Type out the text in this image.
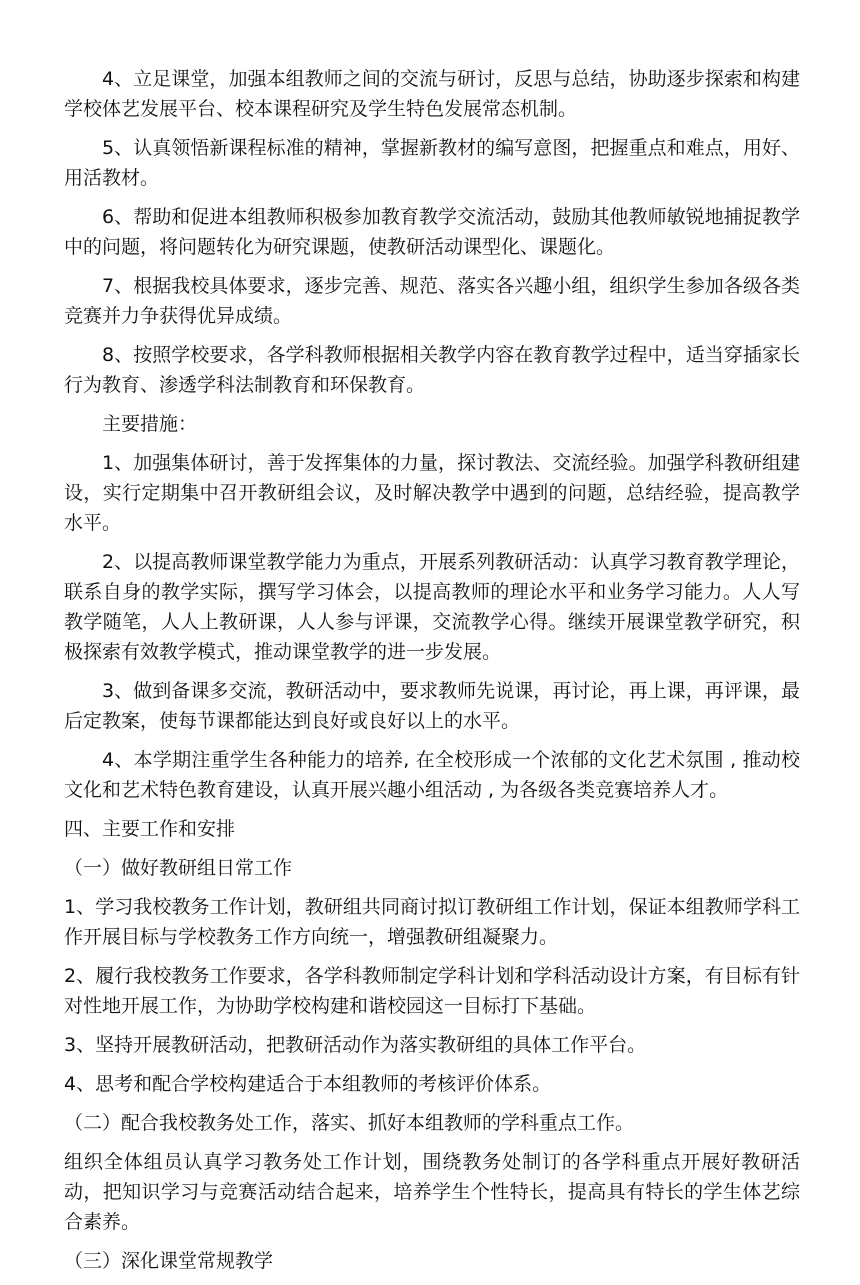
4、立足课堂，加强本组教师之间的交流与研讨，反思与总结，协助逐步探索和构建学校体艺发展平台、校本课程研究及学生特色发展常态机制。

5、认真领悟新课程标准的精神，掌握新教材的编写意图，把握重点和难点，用好、用活教材。

6、帮助和促进本组教师积极参加教育教学交流活动，鼓励其他教师敏锐地捕捉教学中的问题，将问题转化为研究课题，使教研活动课型化、课题化。

7、根据我校具体要求，逐步完善、规范、落实各兴趣小组，组织学生参加各级各类竞赛并力争获得优异成绩。

8、按照学校要求，各学科教师根据相关教学内容在教育教学过程中，适当穿插家长行为教育、渗透学科法制教育和环保教育。

主要措施：

1、加强集体研讨，善于发挥集体的力量，探讨教法、交流经验。加强学科教研组建设，实行定期集中召开教研组会议，及时解决教学中遇到的问题，总结经验，提高教学水平。

2、以提高教师课堂教学能力为重点，开展系列教研活动：认真学习教育教学理论，联系自身的教学实际，撰写学习体会，以提高教师的理论水平和业务学习能力。人人写教学随笔，人人上教研课，人人参与评课，交流教学心得。继续开展课堂教学研究，积极探索有效教学模式，推动课堂教学的进一步发展。

3、做到备课多交流，教研活动中，要求教师先说课，再讨论，再上课，再评课，最后定教案，使每节课都能达到良好或良好以上的水平。

4、本学期注重学生各种能力的培养, 在全校形成一个浓郁的文化艺术氛围 , 推动校文化和艺术特色教育建设，认真开展兴趣小组活动 , 为各级各类竞赛培养人才。

四、主要工作和安排

（一）做好教研组日常工作

1、学习我校教务工作计划，教研组共同商讨拟订教研组工作计划，保证本组教师学科工作开展目标与学校教务工作方向统一，增强教研组凝聚力。

2、履行我校教务工作要求，各学科教师制定学科计划和学科活动设计方案，有目标有针对性地开展工作，为协助学校构建和谐校园这一目标打下基础。

3、坚持开展教研活动，把教研活动作为落实教研组的具体工作平台。

4、思考和配合学校构建适合于本组教师的考核评价体系。

（二）配合我校教务处工作，落实、抓好本组教师的学科重点工作。

组织全体组员认真学习教务处工作计划，围绕教务处制订的各学科重点开展好教研活动，把知识学习与竞赛活动结合起来，培养学生个性特长，提高具有特长的学生体艺综合素养。

（三）深化课堂常规教学
